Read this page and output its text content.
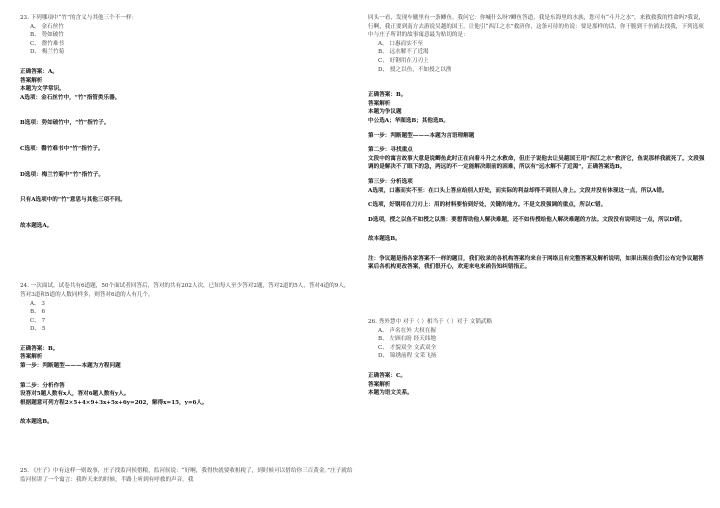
23. 下列哪项中“竹”的含义与其他三个不一样：
A、 金石丝竹
B、 势如破竹
C、 罄竹难书
D、 梅兰竹菊
正确答案：A。
答案解析
本题为文学常识。
A选项：金石丝竹中，“竹”指管类乐器。
B选项：势如破竹中，“竹”指竹子。
C选项：罄竹难书中“竹”指竹子。
D选项：梅兰竹菊中“竹”指竹子。
只有A选项中的“竹”意思与其他三项不同。
故本题选A。
24. 一次面试，试卷共有6道题，50个面试者回答后，答对的共有202人次，已知每人至少答对2题，答对2道的5人，答对4道的9人，答对3道和5道的人数同样多，则答对6道的人有几个。
A、 3
B、 6
C、 7
D、 5
正确答案：B。
答案解析
第一步：判断题型———本题为方程问题
第二步：分析作答
设答对5题人数有x人，答对6题人数有y人。
根据题意可列方程2×5+4×9+3x+5x+6y=202，解得x=15，y=6人。
故本题选B。
25. 《庄子》中有这样一则故事，庄子找监河侯借粮，监河侯说：“好啊，我得快就要收租税了，到时候可以借给你三百黄金。”庄子就给监河侯讲了一个寓言：我昨天来的时候，半路上听到有呼救的声音。我
回头一看，发现车辙里有一条鲫鱼。我问它：你喊什么呀?鲫鱼答道，我是东海里的水族，您可有“斗升之水”，来救救我的性命吗?我说，行啊，我正要到南方去游说吴越的国王，让他引“西江之水”救济你，这条可待的鱼说：要是那样的话，你干脆到干鱼铺去找我，下列选项中与庄子所讲的故事寓意最为贴切的是：
A、 口惠而实不至
B、 远水解不了近渴
C、 好钢用在刀刃上
D、 授之以鱼，不如授之以渔
正确答案：B。
答案解析
本题为争议题
中公选A；华图选B；其他选B。
第一步：判断题型———本题为言语理解题
第二步：寻找重点
文段中的寓言故事大意是说鲫鱼此时正在向着斗升之水救命，但庄子说他去让吴越国王用“西江之水”救济它，鱼说那样我就死了。文段强调的是解决不了眼下的急，两远的不一定能解决眼前的困难，所以有“远水解不了近渴”，正确答案选B。
第三步：分析选项
A选项，口惠而实不至：在口头上答应给别人好处，而实际的利益却得不到别人身上。文段并没有体现这一点，所以A错。
C选项，好钢用在刀刃上：用的材料要恰到好处，关键的地方。不是文段强调的重点，所以C错。
D选项，授之以鱼不如授之以渔：要想帮助他人解决难题，还不如传授给他人解决难题的方法。文段没有说明这一点，所以D错。
故本题选B。
注：争议题是指各家答案不一样的题目，我们收录的各机构答案均来自于网络且有完整答案及解析说明，如果出现在我们公布完争议题答案后各机构更改答案，我们很开心，欢迎来电来函告知纠错指正。
26. 秀外慧中 对于（ ）相当于（ ）对于 文韬武略
A、 声名在外 大权在握
B、 左顾右盼 经天纬地
C、 才貌双全 文武双全
D、 锦绣前程 文采飞扬
正确答案：C。
答案解析
本题为语文关系。
